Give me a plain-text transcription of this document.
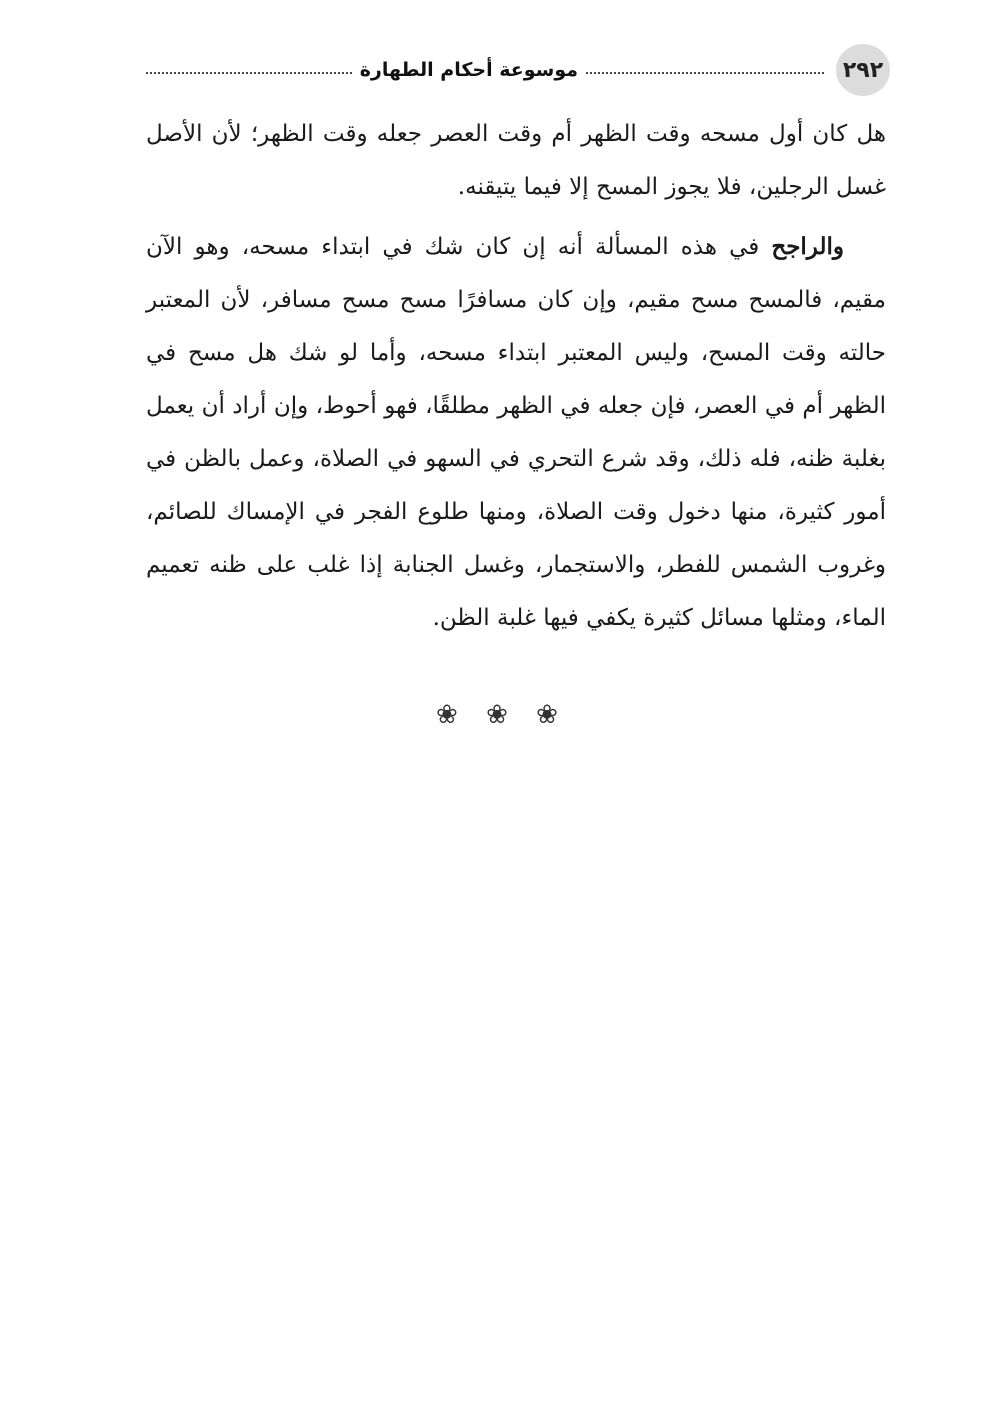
٢٩٢
موسوعة أحكام الطهارة

هل كان أول مسحه وقت الظهر أم وقت العصر جعله وقت الظهر؛ لأن الأصل غسل الرجلين، فلا يجوز المسح إلا فيما يتيقنه.

والراجح في هذه المسألة أنه إن كان شك في ابتداء مسحه، وهو الآن مقيم، فالمسح مسح مقيم، وإن كان مسافرًا مسح مسح مسافر، لأن المعتبر حالته وقت المسح، وليس المعتبر ابتداء مسحه، وأما لو شك هل مسح في الظهر أم في العصر، فإن جعله في الظهر مطلقًا، فهو أحوط، وإن أراد أن يعمل بغلبة ظنه، فله ذلك، وقد شرع التحري في السهو في الصلاة، وعمل بالظن في أمور كثيرة، منها دخول وقت الصلاة، ومنها طلوع الفجر في الإمساك للصائم، وغروب الشمس للفطر، والاستجمار، وغسل الجنابة إذا غلب على ظنه تعميم الماء، ومثلها مسائل كثيرة يكفي فيها غلبة الظن.

❀ ❀ ❀
